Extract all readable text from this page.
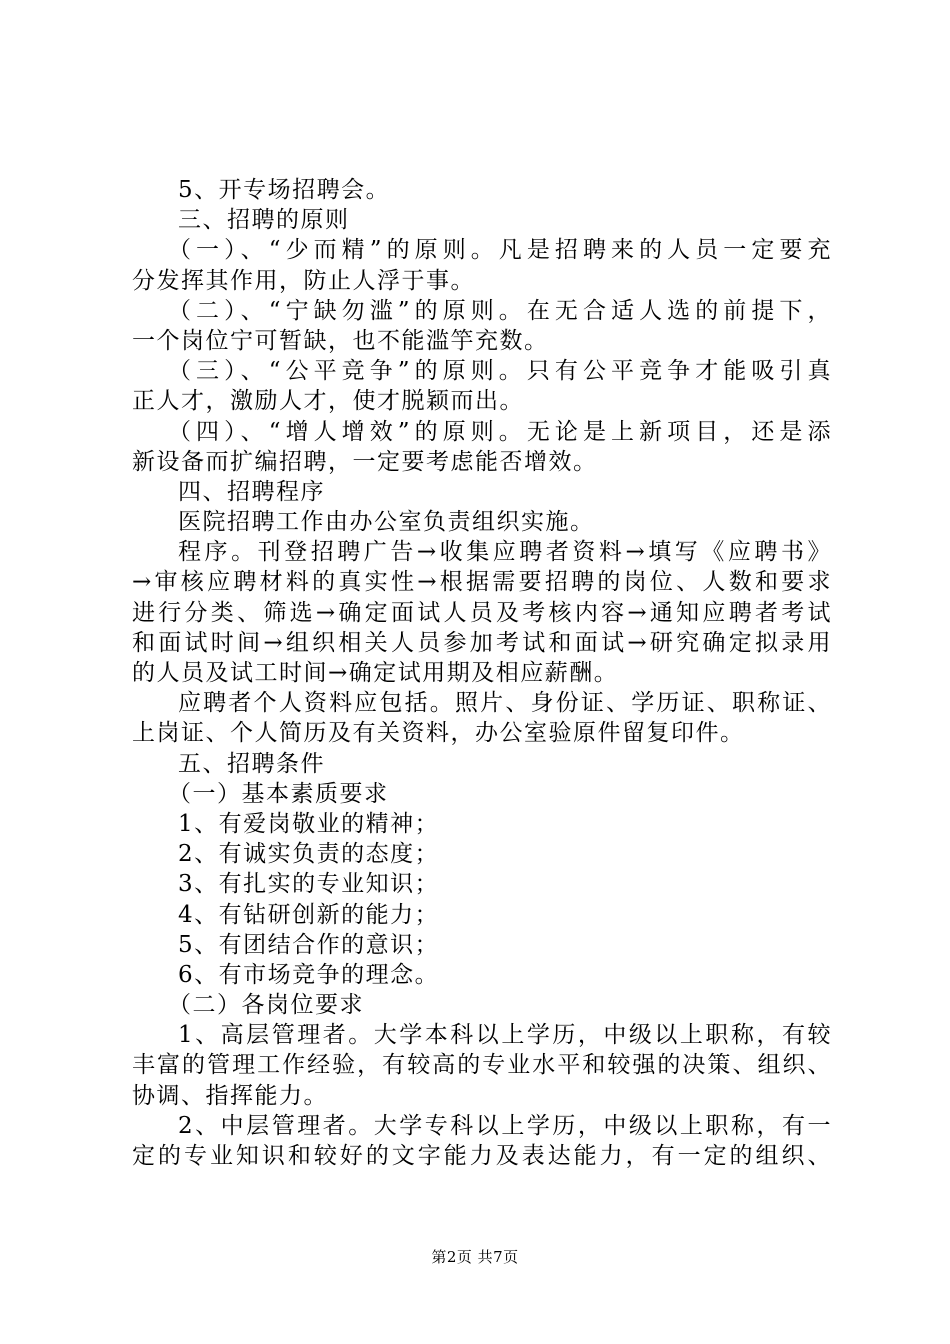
5、开专场招聘会。
三、招聘的原则
（一）、“少而精”的原则。凡是招聘来的人员一定要充
分发挥其作用，防止人浮于事。
（二）、“宁缺勿滥”的原则。在无合适人选的前提下，
一个岗位宁可暂缺，也不能滥竽充数。
（三）、“公平竞争”的原则。只有公平竞争才能吸引真
正人才，激励人才，使才脱颖而出。
（四）、“增人增效”的原则。无论是上新项目，还是添
新设备而扩编招聘，一定要考虑能否增效。
四、招聘程序
医院招聘工作由办公室负责组织实施。
程序。刊登招聘广告→收集应聘者资料→填写《应聘书》
→审核应聘材料的真实性→根据需要招聘的岗位、人数和要求
进行分类、筛选→确定面试人员及考核内容→通知应聘者考试
和面试时间→组织相关人员参加考试和面试→研究确定拟录用
的人员及试工时间→确定试用期及相应薪酬。
应聘者个人资料应包括。照片、身份证、学历证、职称证、
上岗证、个人简历及有关资料，办公室验原件留复印件。
五、招聘条件
（一）基本素质要求
1、有爱岗敬业的精神；
2、有诚实负责的态度；
3、有扎实的专业知识；
4、有钻研创新的能力；
5、有团结合作的意识；
6、有市场竞争的理念。
（二）各岗位要求
1、高层管理者。大学本科以上学历，中级以上职称，有较
丰富的管理工作经验，有较高的专业水平和较强的决策、组织、
协调、指挥能力。
2、中层管理者。大学专科以上学历，中级以上职称，有一
定的专业知识和较好的文字能力及表达能力，有一定的组织、
第2页 共7页
